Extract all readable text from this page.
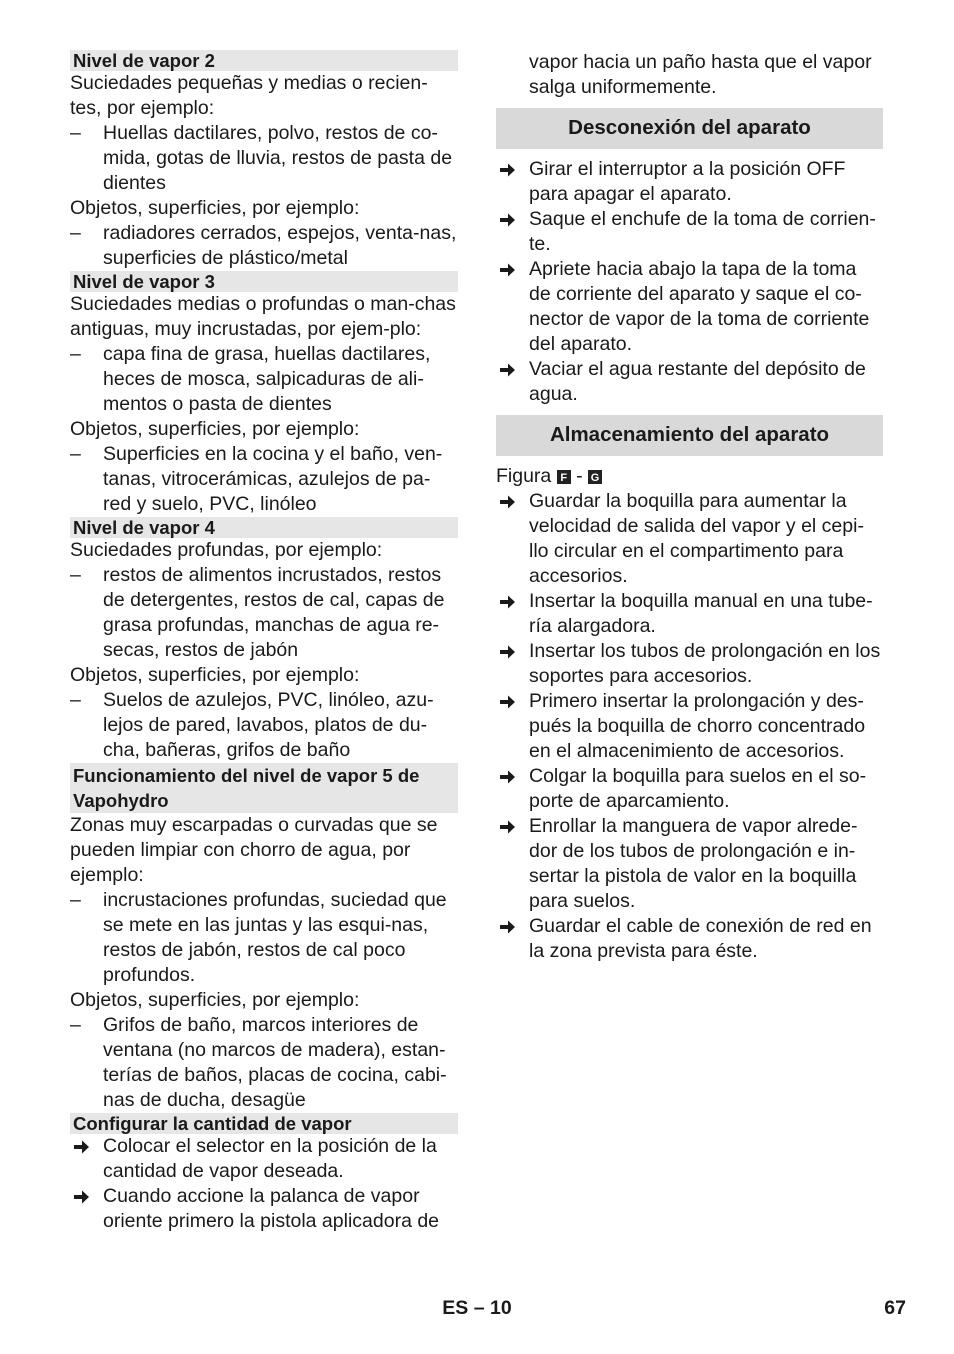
Nivel de vapor 2
Suciedades pequeñas y medias o recien-tes, por ejemplo:
–	Huellas dactilares, polvo, restos de co-mida, gotas de lluvia, restos de pasta de dientes
Objetos, superficies, por ejemplo:
–	radiadores cerrados, espejos, venta-nas, superficies de plástico/metal
Nivel de vapor 3
Suciedades medias o profundas o man-chas antiguas, muy incrustadas, por ejem-plo:
–	capa fina de grasa, huellas dactilares, heces de mosca, salpicaduras de ali-mentos o pasta de dientes
Objetos, superficies, por ejemplo:
–	Superficies en la cocina y el baño, ven-tanas, vitrocerámicas, azulejos de pa-red y suelo, PVC, linóleo
Nivel de vapor 4
Suciedades profundas, por ejemplo:
–	restos de alimentos incrustados, restos de detergentes, restos de cal, capas de grasa profundas, manchas de agua re-secas, restos de jabón
Objetos, superficies, por ejemplo:
–	Suelos de azulejos, PVC, linóleo, azu-lejos de pared, lavabos, platos de du-cha, bañeras, grifos de baño
Funcionamiento del nivel de vapor 5 de
Vapohydro
Zonas muy escarpadas o curvadas que se pueden limpiar con chorro de agua, por ejemplo:
–	incrustaciones profundas, suciedad que se mete en las juntas y las esqui-nas, restos de jabón, restos de cal poco profundos.
Objetos, superficies, por ejemplo:
–	Grifos de baño, marcos interiores de ventana (no marcos de madera), estan-terías de baños, placas de cocina, cabi-nas de ducha, desagüe
Configurar la cantidad de vapor
Colocar el selector en la posición de la cantidad de vapor deseada.
Cuando accione la palanca de vapor oriente primero la pistola aplicadora de
vapor hacia un paño hasta que el vapor salga uniformemente.
Desconexión del aparato
Girar el interruptor a la posición OFF para apagar el aparato.
Saque el enchufe de la toma de corrien-te.
Apriete hacia abajo la tapa de la toma de corriente del aparato y saque el co-nector de vapor de la toma de corriente del aparato.
Vaciar el agua restante del depósito de agua.
Almacenamiento del aparato
Figura F - G
Guardar la boquilla para aumentar la velocidad de salida del vapor y el cepi-llo circular en el compartimento para accesorios.
Insertar la boquilla manual en una tube-ría alargadora.
Insertar los tubos de prolongación en los soportes para accesorios.
Primero insertar la prolongación y des-pués la boquilla de chorro concentrado en el almacenimiento de accesorios.
Colgar la boquilla para suelos en el so-porte de aparcamiento.
Enrollar la manguera de vapor alrede-dor de los tubos de prolongación e in-sertar la pistola de valor en la boquilla para suelos.
Guardar el cable de conexión de red en la zona prevista para éste.
ES – 10	67
